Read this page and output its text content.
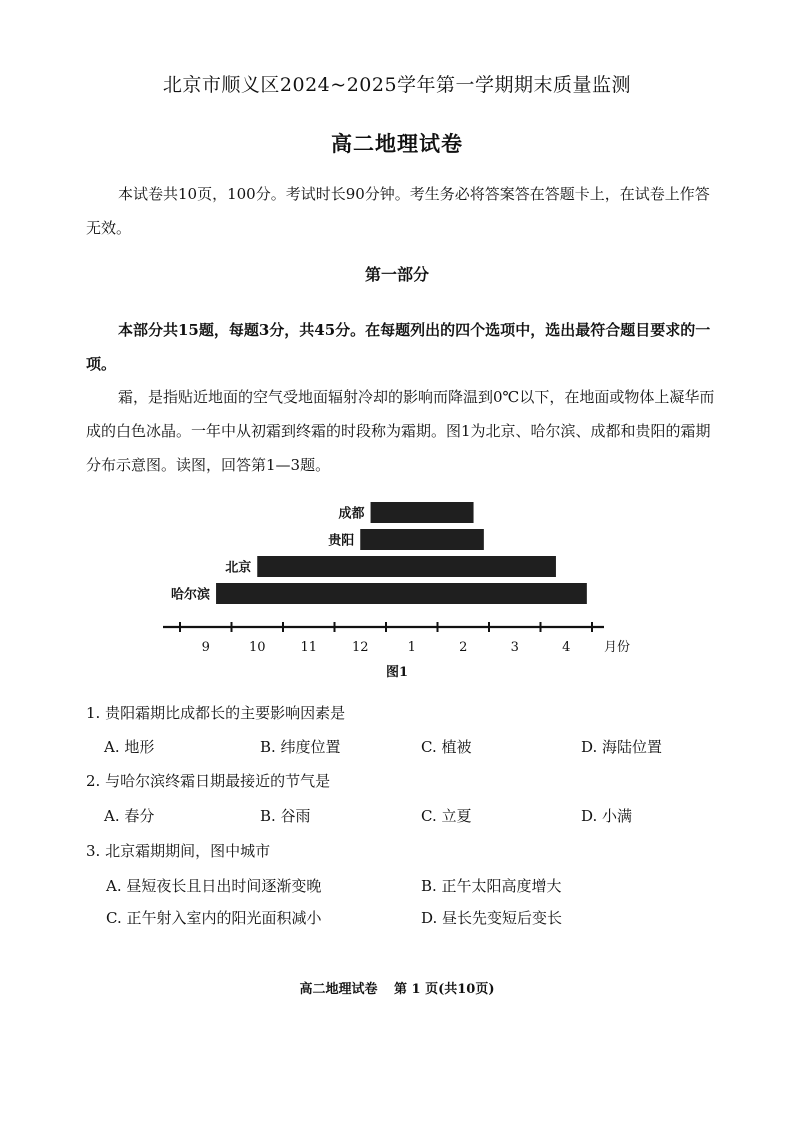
北京市顺义区2024~2025学年第一学期期末质量监测
高二地理试卷
本试卷共10页，100分。考试时长90分钟。考生务必将答案答在答题卡上，在试卷上作答无效。
第一部分
本部分共15题，每题3分，共45分。在每题列出的四个选项中，选出最符合题目要求的一项。
霜，是指贴近地面的空气受地面辐射冷却的影响而降温到0℃以下，在地面或物体上凝华而成的白色冰晶。一年中从初霜到终霜的时段称为霜期。图1为北京、哈尔滨、成都和贵阳的霜期分布示意图。读图，回答第1—3题。
9	10	11	12	1	2	3	4	月份
成都
贵阳
北京
哈尔滨
图1
1. 贵阳霜期比成都长的主要影响因素是
A. 地形	B. 纬度位置	C. 植被	D. 海陆位置
2. 与哈尔滨终霜日期最接近的节气是
A. 春分	B. 谷雨	C. 立夏	D. 小满
3. 北京霜期期间，图中城市
A. 昼短夜长且日出时间逐渐变晚	B. 正午太阳高度增大
C. 正午射入室内的阳光面积减小	D. 昼长先变短后变长
高二地理试卷 第 1 页(共10页)
